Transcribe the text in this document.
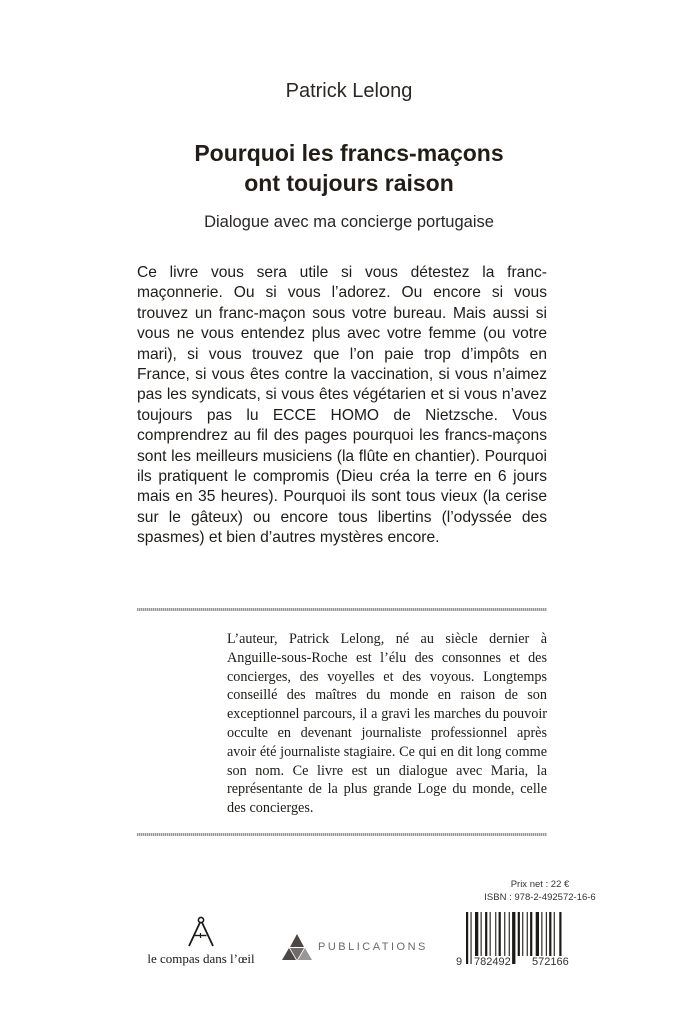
Patrick Lelong
Pourquoi les francs-maçons
ont toujours raison
Dialogue avec ma concierge portugaise
Ce livre vous sera utile si vous détestez la franc-maçonnerie. Ou si vous l’adorez. Ou encore si vous trouvez un franc-maçon sous votre bureau. Mais aussi si vous ne vous entendez plus avec votre femme (ou votre mari), si vous trouvez que l’on paie trop d’impôts en France, si vous êtes contre la vaccination, si vous n’aimez pas les syndicats, si vous êtes végétarien et si vous n’avez toujours pas lu ECCE HOMO de Nietzsche. Vous comprendrez au fil des pages pourquoi les francs-maçons sont les meilleurs musiciens (la flûte en chantier). Pourquoi ils pratiquent le compromis (Dieu créa la terre en 6 jours mais en 35 heures). Pourquoi ils sont tous vieux (la cerise sur le gâteux) ou encore tous libertins (l’odyssée des spasmes) et bien d’autres mystères encore.
L’auteur, Patrick Lelong, né au siècle dernier à Anguille-sous-Roche est l’élu des consonnes et des concierges, des voyelles et des voyous. Longtemps conseillé des maîtres du monde en raison de son exceptionnel parcours, il a gravi les marches du pouvoir occulte en devenant journaliste professionnel après avoir été journaliste stagiaire. Ce qui en dit long comme son nom. Ce livre est un dialogue avec Maria, la représentante de la plus grande Loge du monde, celle des concierges.
le compas dans l’œil
PUBLICATIONS
Prix net : 22 €
ISBN : 978-2-492572-16-6
9 782492 572166
